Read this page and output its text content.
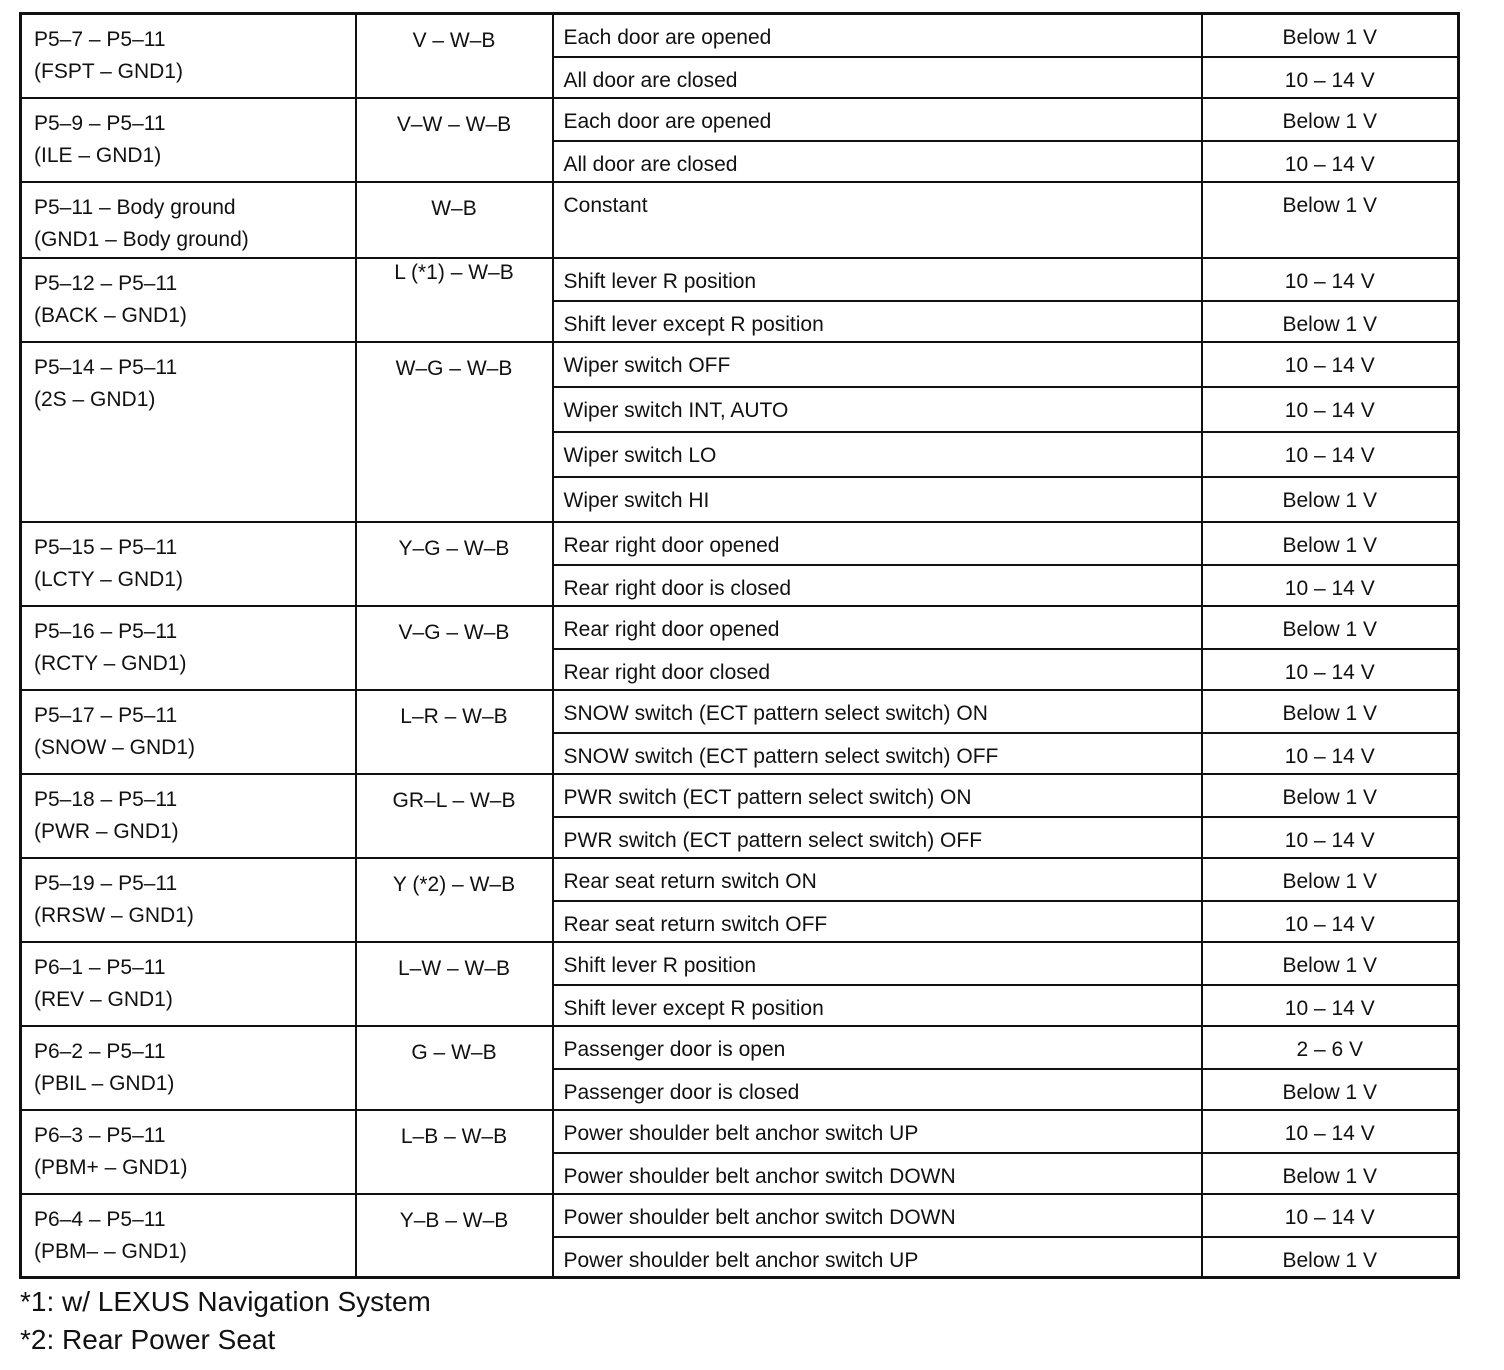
P5–7 – P5–11
(FSPT – GND1)	V – W–B	Each door are opened	Below 1 V
		All door are closed	10 – 14 V

P5–9 – P5–11
(ILE – GND1)	V–W – W–B	Each door are opened	Below 1 V
		All door are closed	10 – 14 V

P5–11 – Body ground
(GND1 – Body ground)	W–B	Constant	Below 1 V

P5–12 – P5–11
(BACK – GND1)	L (*1) – W–B	Shift lever R position	10 – 14 V
		Shift lever except R position	Below 1 V

P5–14 – P5–11
(2S – GND1)	W–G – W–B	Wiper switch OFF	10 – 14 V
		Wiper switch INT, AUTO	10 – 14 V
		Wiper switch LO	10 – 14 V
		Wiper switch HI	Below 1 V

P5–15 – P5–11
(LCTY – GND1)	Y–G – W–B	Rear right door opened	Below 1 V
		Rear right door is closed	10 – 14 V

P5–16 – P5–11
(RCTY – GND1)	V–G – W–B	Rear right door opened	Below 1 V
		Rear right door closed	10 – 14 V

P5–17 – P5–11
(SNOW – GND1)	L–R – W–B	SNOW switch (ECT pattern select switch) ON	Below 1 V
		SNOW switch (ECT pattern select switch) OFF	10 – 14 V

P5–18 – P5–11
(PWR – GND1)	GR–L – W–B	PWR switch (ECT pattern select switch) ON	Below 1 V
		PWR switch (ECT pattern select switch) OFF	10 – 14 V

P5–19 – P5–11
(RRSW – GND1)	Y (*2) – W–B	Rear seat return switch ON	Below 1 V
		Rear seat return switch OFF	10 – 14 V

P6–1 – P5–11
(REV – GND1)	L–W – W–B	Shift lever R position	Below 1 V
		Shift lever except R position	10 – 14 V

P6–2 – P5–11
(PBIL – GND1)	G – W–B	Passenger door is open	2 – 6 V
		Passenger door is closed	Below 1 V

P6–3 – P5–11
(PBM+ – GND1)	L–B – W–B	Power shoulder belt anchor switch UP	10 – 14 V
		Power shoulder belt anchor switch DOWN	Below 1 V

P6–4 – P5–11
(PBM– – GND1)	Y–B – W–B	Power shoulder belt anchor switch DOWN	10 – 14 V
		Power shoulder belt anchor switch UP	Below 1 V
*1: w/ LEXUS Navigation System
*2: Rear Power Seat
